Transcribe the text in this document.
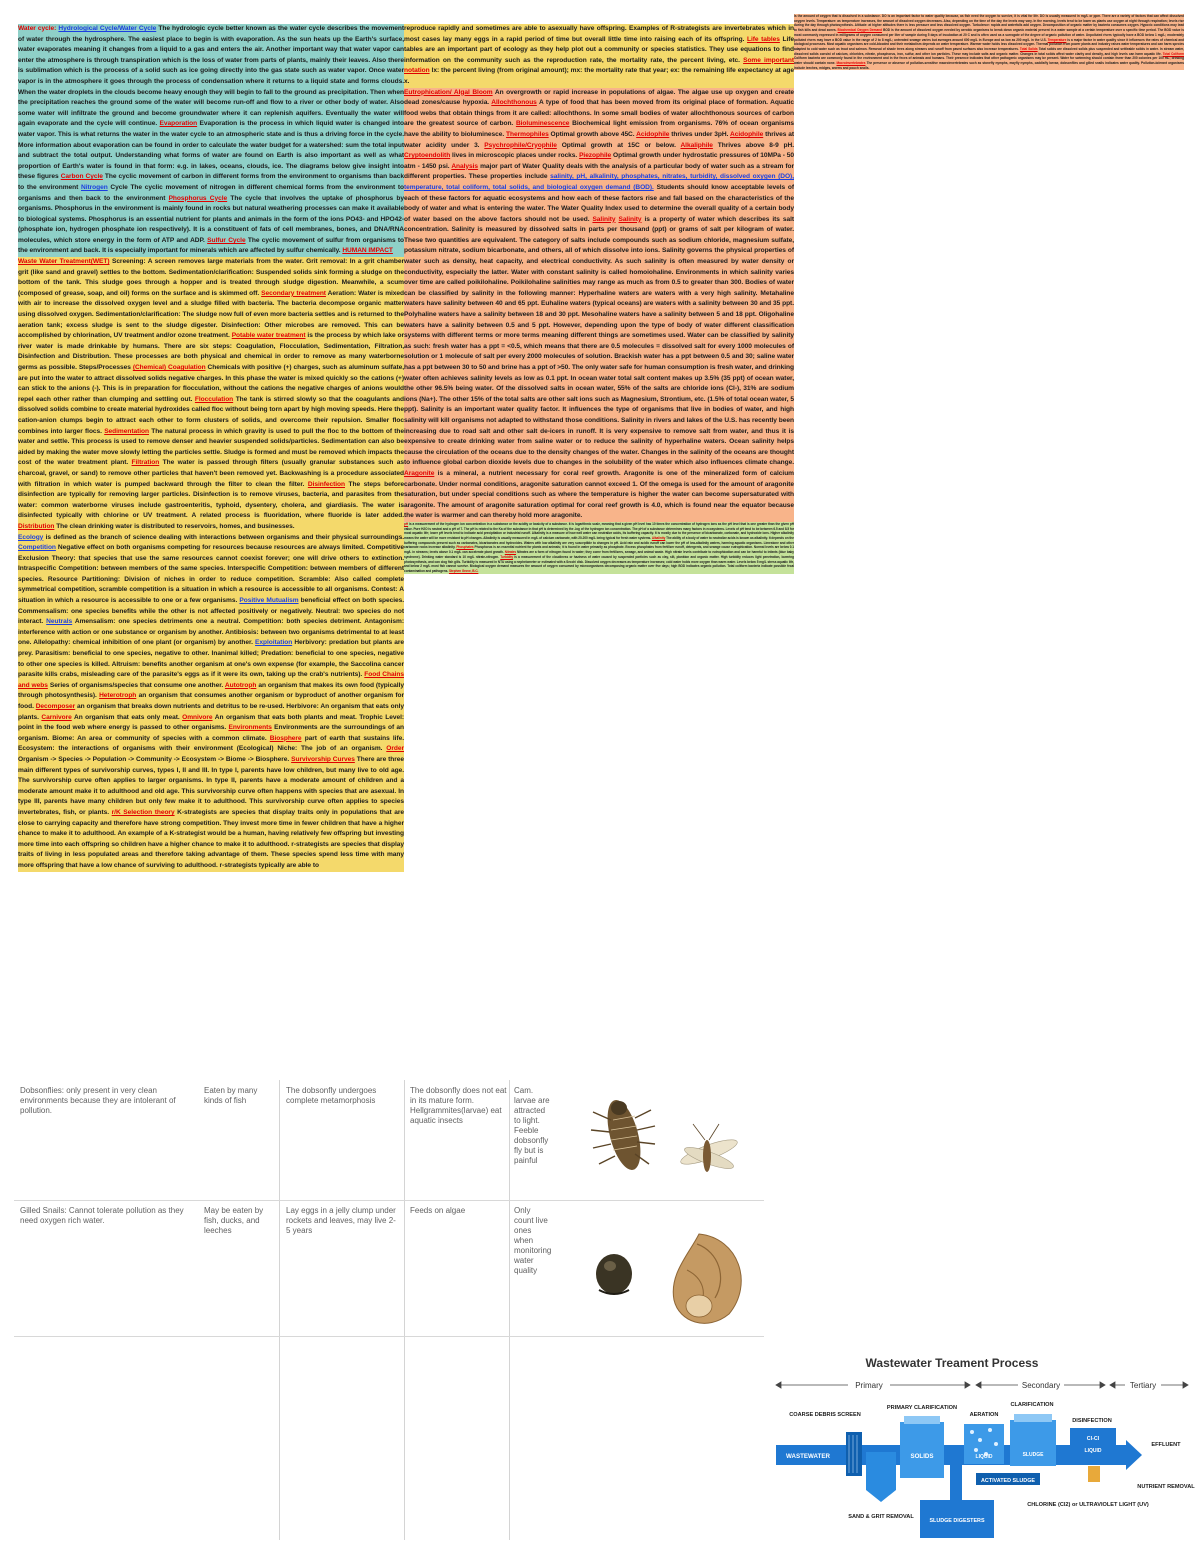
Water cycle: Hydrological Cycle/Water Cycle The hydrologic cycle better known as the water cycle describes the movement of water through the hydrosphere. The easiest place to begin is with evaporation. As the sun heats up the Earth's surface, water evaporates meaning it changes from a liquid to a gas and enters the air. Another important way that water vapor can enter the atmosphere is through transpiration which is the loss of water from parts of plants, mainly their leaves. Also there is sublimation which is the process of a solid such as ice going directly into the gas state such as water vapor. Once water vapor is in the atmosphere it goes through the process of condensation where it returns to a liquid state and forms clouds. When the water droplets in the clouds become heavy enough they will begin to fall to the ground as precipitation. Then when the precipitation reaches the ground some of the water will become run-off and flow to a river or other body of water. Also some water will infiltrate the ground and become groundwater where it can replenish aquifers. Eventually the water will again evaporate and the cycle will continue. Evaporation Evaporation is the process in which liquid water is changed into water vapor. This is what returns the water in the water cycle to an atmospheric state and is thus a driving force in the cycle. More information about evaporation can be found in order to calculate the water budget for a watershed: sum the total input and subtract the total output. Understanding what forms of water are found on Earth is also important as well as what proportion of Earth's water is found in that form: e.g. in lakes, oceans, clouds, ice. The diagrams below give insight into these figures Carbon Cycle The cyclic movement of carbon in different forms from the environment to organisms than back to the environment Nitrogen Cycle The cyclic movement of nitrogen in different chemical forms from the environment to organisms and then back to the environment Phosphorus Cycle The cycle that involves the uptake of phosphorus by organisms. Phosphorus in the environment is mainly found in rocks but natural weathering processes can make it available to biological systems. Phosphorus is an essential nutrient for plants and animals in the form of the ions PO43- and HPO42- (phosphate ion, hydrogen phosphate ion respectively). It is a constituent of fats of cell membranes, bones, and DNA/RNA molecules, which store energy in the form of ATP and ADP. Sulfur Cycle The cyclic movement of sulfur from organisms to the environment and back. It is especially important for minerals which are affected by sulfur chemically. HUMAN IMPACT
Waste Water Treatment(WET) Screening: A screen removes large materials from the water. Grit removal: In a grit chamber grit (like sand and gravel) settles to the bottom. Sedimentation/clarification: Suspended solids sink forming a sludge on the bottom of the tank. This sludge goes through a hopper and is treated through sludge digestion. Meanwhile, a scum (composed of grease, soap, and oil) forms on the surface and is skimmed off. Secondary treatment Aeration: Water is mixed with air to increase the dissolved oxygen level and a sludge filled with bacteria. The bacteria decompose organic matter using dissolved oxygen. Sedimentation/clarification: The sludge now full of even more bacteria settles and is returned to the aeration tank; excess sludge is sent to the sludge digester. Disinfection: Other microbes are removed. This can be accomplished by chlorination, UV treatment and/or ozone treatment. Potable water treatment is the process by which lake or river water is made drinkable by humans. There are six steps: Coagulation, Flocculation, Sedimentation, Filtration, Disinfection and Distribution. These processes are both physical and chemical in order to remove as many waterborne germs as possible. Steps/Processes (Chemical) Coagulation Chemicals with positive (+) charges, such as aluminum sulfate, are put into the water to attract dissolved solids negative charges. In this phase the water is mixed quickly so the cations (+) can stick to the anions (-). This is in preparation for flocculation, without the cations the negative charges of anions would repel each other rather than clumping and settling out. Flocculation The tank is stirred slowly so that the coagulants and dissolved solids combine to create material hydroxides called floc without being torn apart by high moving speeds. Here the cation-anion clumps begin to attract each other to form clusters of solids, and overcome their repulsion. Smaller floc combines into larger flocs. Sedimentation The natural process in which gravity is used to pull the floc to the bottom of the water and settle. This process is used to remove denser and heavier suspended solids/particles. Sedimentation can also be aided by making the water move slowly letting the particles settle. Sludge is formed and must be removed which impacts the cost of the water treatment plant. Filtration The water is passed through filters (usually granular substances such as charcoal, gravel, or sand) to remove other particles that haven't been removed yet. Backwashing is a procedure associated with filtration in which water is pumped backward through the filter to clean the filter. Disinfection The steps before disinfection are typically for removing larger particles. Disinfection is to remove viruses, bacteria, and parasites from the water: common waterborne viruses include gastroenteritis, typhoid, dysentery, cholera, and giardiasis. The water is disinfected typically with chlorine or UV treatment. A related process is fluoridation, where fluoride is later added. Distribution The clean drinking water is distributed to reservoirs, homes, and businesses.
Ecology is defined as the branch of science dealing with interactions between organisms and their physical surroundings. Competition Negative effect on both organisms competing for resources because resources are always limited. Competitive Exclusion Theory: that species that use the same resources cannot coexist forever; one will drive others to extinction. Intraspecific Competition: between members of the same species. Interspecific Competition: between members of different species. Resource Partitioning: Division of niches in order to reduce competition. Scramble: Also called complete symmetrical competition, scramble competition is a situation in which a resource is accessible to all organisms. Contest: A situation in which a resource is accessible to one or a few organisms. Positive Mutualism beneficial effect on both species. Commensalism: one species benefits while the other is not affected positively or negatively. Neutral: two species do not interact. Neutrals Amensalism: one species detriments one a neutral. Competition: both species detriment. Antagonism: interference with action or one substance or organism by another. Antibiosis: between two organisms detrimental to at least one. Allelopathy: chemical inhibition of one plant (or organism) by another. Exploitation Herbivory: predation but plants are prey. Parasitism: beneficial to one species, negative to other. Inanimal killed; Predation: beneficial to one species, negative to other one species is killed. Altruism: benefits another organism at one's own expense (for example, the Saccolina cancer parasite kills crabs, misleading care of the parasite's eggs as if it were its own, taking up the crab's nutrients). Food Chains and webs Series of organisms/species that consume one another. Autotroph an organism that makes its own food (typically through photosynthesis). Heterotroph an organism that consumes another organism or byproduct of another organism for food. Decomposer an organism that breaks down nutrients and detritus to be re-used. Herbivore: An organism that eats only plants. Carnivore An organism that eats only meat. Omnivore An organism that eats both plants and meat. Trophic Level: point in the food web where energy is passed to other organisms. Environments Environments are the surroundings of an organism. Biome: An area or community of species with a common climate. Biosphere part of earth that sustains life. Ecosystem: the interactions of organisms with their environment (Ecological) Niche: The job of an organism. Order Organism -> Species -> Population -> Community -> Ecosystem -> Biome -> Biosphere. Survivorship Curves There are three main different types of survivorship curves, types I, II and III. In type I, parents have low children, but many live to old age. The survivorship curve often applies to larger organisms. In type II, parents have a moderate amount of children and a moderate amount make it to adulthood and old age. This survivorship curve often happens with species that are asexual. In type III, parents have many children but only few make it to adulthood. This survivorship curve often applies to species invertebrates, fish, or plants. r/K Selection theory K-strategists are species that display traits only in populations that are close to carrying capacity and therefore have strong competition. They invest more time in fewer children that have a higher chance to make it to adulthood. An example of a K-strategist would be a human, having relatively few offspring but investing more time into each offspring so children have a higher chance to make it to adulthood. r-strategists are species that display traits of living in less populated areas and therefore taking advantage of them. These species spend less time with many more offspring that have a low chance of surviving to adulthood. r-strategists typically are able to
reproduce rapidly and sometimes are able to asexually have offspring. Examples of R-strategists are invertebrates which in most cases lay many eggs in a rapid period of time but overall little time into raising each of its offspring. Life tables Life tables are an important part of ecology as they help plot out a community or species statistics. They use equations to find information on the community such as the reproduction rate, the mortality rate, the percent living, etc. Some important notation lx: the percent living (from original amount); mx: the mortality rate that year; ex: the remaining life expectancy at age x.
Eutrophication/ Algal Bloom An overgrowth or rapid increase in populations of algae. The algae use up oxygen and create dead zones/cause hypoxia. Allochthonous A type of food that has been moved from its original place of formation. Aquatic food webs that obtain things from it are called: allochthons. In some small bodies of water allochthonous sources of carbon are the greatest source of carbon. Bioluminescence Biochemical light emission from organisms. 76% of ocean organisms have the ability to bioluminesce. Thermophiles Optimal growth above 45C. Acidophile thrives under 3pH. Acidophile thrives at water acidity under 3. Psychrophile/Cryophile Optimal growth at 15C or below. Alkaliphile Thrives above 8-9 pH. Cryptoendolith lives in microscopic places under rocks. Piezophile Optimal growth under hydrostatic pressures of 10MPa - 50 atm - 1450 psi. Analysis major part of Water Quality deals with the analysis of a particular body of water such as a stream for different properties. These properties include salinity, pH, alkalinity, phosphates, nitrates, turbidity, dissolved oxygen (DO), temperature, total coliform, total solids, and biological oxygen demand (BOD). Students should know acceptable levels of each of these factors for aquatic ecosystems and how each of these factors rise and fall based on the characteristics of the body of water and what is entering the water. The Water Quality Index used to determine the overall quality of a certain body of water based on the above factors should not be used. Salinity Salinity is a property of water which describes its salt concentration. Salinity is measured by dissolved salts in parts per thousand (ppt) or grams of salt per kilogram of water. These two quantities are equivalent. The category of salts include compounds such as sodium chloride, magnesium sulfate, potassium nitrate, sodium bicarbonate, and others, all of which dissolve into ions. Salinity governs the physical properties of water such as density, heat capacity, and electrical conductivity. As such salinity is often measured by water density or conductivity, especially the latter. Water with constant salinity is called homoiohaline. Environments in which salinity varies over time are called poikilohaline. Poikilohaline salinities may range as much as from 0.5 to greater than 300. Bodies of water can be classified by salinity in the following manner: Hyperhaline waters are waters with a very high salinity. Metahaline waters have salinity between 40 and 65 ppt. Euhaline waters (typical oceans) are waters with a salinity between 30 and 35 ppt. Polyhaline waters have a salinity between 18 and 30 ppt. Mesohaline waters have a salinity between 5 and 18 ppt. Oligohaline waters have a salinity between 0.5 and 5 ppt. However, depending upon the type of body of water different classification systems with different terms or more terms meaning different things are sometimes used. Water can be classified by salinity as such: fresh water has a ppt = <0.5, which means that there are 0.5 molecules = dissolved salt for every 1000 molecules of solution or 1 molecule of salt per every 2000 molecules of solution. Brackish water has a ppt between 0.5 and 30; saline water has a ppt between 30 to 50 and brine has a ppt of >50. The only water safe for human consumption is fresh water, and drinking water often achieves salinity levels as low as 0.1 ppt. In ocean water total salt content makes up 3.5% (35 ppt) of ocean water, the other 96.5% being water. Of the dissolved salts in ocean water, 55% of the salts are chloride ions (Cl-), 31% are sodium ions (Na+). The other 15% of the total salts are other salt ions such as Magnesium, Strontium, etc. (1.5% of total ocean water, 5 ppt). Salinity is an important water quality factor. It influences the type of organisms that live in bodies of water, and high salinity will kill organisms not adapted to withstand those conditions. Salinity in rivers and lakes of the U.S. has recently been increasing due to road salt and other salt de-icers in runoff. It is very expensive to remove salt from water, and thus it is expensive to create drinking water from saline water or to reduce the salinity of hyperhaline waters. Ocean salinity helps cause the circulation of the oceans due to the density changes of the water. Changes in the salinity of the oceans are thought to influence global carbon dioxide levels due to changes in the solubility of the water which also influences climate change. Aragonite is a mineral, a nutrient necessary for coral reef growth. Aragonite is one of the mineralized form of calcium carbonate. Under normal conditions, aragonite saturation cannot exceed 1. Of the omega is used for the amount of aragonite saturation, but under special conditions such as where the temperature is higher the water can become supersaturated with aragonite. The amount of aragonite saturation optimal for coral reef growth is 4.0, which is found near the equator because the water is warmer and can thereby hold more aragonite.
pH is a measurement of the hydrogen ion concentration in a substance or the acidity or basicity of a substance. It is logarithmic scale, meaning that a given pH level has 10 times the concentration of hydrogen ions as the pH level that is one greater than the given pH value. Pure H2O is neutral and a pH of 7. The pH is related to the Ka of the substance in that pH is determined by the -log of the hydrogen ion concentration. The pH of a substance determines many factors in ecosystems. Levels of pH tend to be between 6.5 and 8.5 for most aquatic life; lower pH levels tend to indicate acid precipitation or industrial runoff. Alkalinity is a measure of how well water can neutralize acids, its buffering capacity. It is mostly due to the presence of bicarbonate, carbonate, and hydroxide ions. Higher alkalinity means the water will be more resistant to pH changes. Alkalinity is usually measured in mg/L of calcium carbonate, with 20-200 mg/L being typical for fresh water systems. Alkalinity The ability of a body of water to neutralize acids is known as alkalinity. It depends on the buffering compounds present such as carbonates, bicarbonates and hydroxides. Waters with low alkalinity are very susceptible to changes in pH. Acid rain and acidic runoff can lower the pH of low-alkalinity waters, harming aquatic organisms. Limestone and other carbonate rocks increase alkalinity. Phosphates Phosphorus is an essential nutrient for plants and animals; it is found in water primarily as phosphate. Excess phosphates from fertilizer runoff, detergents, and sewage cause eutrophication. Normal levels are below 0.1 mg/L in streams; levels above 0.1 mg/L can accelerate plant growth. Nitrates Nitrates are a form of nitrogen found in water; they come from fertilizers, sewage, and animal waste. High nitrate levels contribute to eutrophication and can be harmful to infants (blue baby syndrome). Drinking water standard is 10 mg/L nitrate-nitrogen. Turbidity is a measurement of the cloudiness or haziness of water caused by suspended particles such as clay, silt, plankton and organic matter. High turbidity reduces light penetration, lowering photosynthesis, and can clog fish gills. Turbidity is measured in NTU using a nephelometer or estimated with a Secchi disk. Dissolved oxygen decreases as temperature increases; cold water holds more oxygen than warm water. Levels below 5 mg/L stress aquatic life, and below 2 mg/L most fish cannot survive. Biological oxygen demand measures the amount of oxygen consumed by microorganisms decomposing organic matter over five days; high BOD indicates organic pollution. Total coliform bacteria indicate possible fecal contamination and pathogens. Stephen Grove, B.C.
Is the amount of oxygen that is dissolved in a substance. DO is an important factor to water quality because, as fish need the oxygen to survive, it is vital for life. DO is usually measured in mg/L or ppm. There are a variety of factors that can affect dissolved oxygen levels. Temperature: as temperature increases, the amount of dissolved oxygen decreases. Also, depending on the time of the day the levels may vary. In the morning, levels tend to be lower as plants use oxygen at night through respiration; levels rise during the day through photosynthesis. Altitude: at higher altitudes there is less pressure and less dissolved oxygen. Turbulence: rapids and waterfalls add oxygen. Decomposition of organic matter by bacteria consumes oxygen. Hypoxic conditions may lead to fish kills and dead zones. Biochemical Oxygen Demand BOD is the amount of dissolved oxygen needed by aerobic organisms to break down organic material present in a water sample at a certain temperature over a specific time period. The BOD value is most commonly expressed in milligrams of oxygen consumed per liter of sample during 5 days of incubation at 20 C and is often used as a surrogate of the degree of organic pollution of water. Unpolluted rivers typically have a BOD below 1 mg/L; moderately polluted rivers may have a BOD value in the range of 2 to 8 mg/L; untreated sewage varies but averages around 600 mg/L in Europe and as low as 200 mg/L in the U.S. Temperature is a major factor in water quality since it influences the rates of chemical and biological processes. Most aquatic organisms are cold-blooded and their metabolism depends on water temperature. Warmer water holds less dissolved oxygen. Thermal pollution from power plants and industry raises water temperatures and can harm species adapted to cold water such as trout and salmon. Removal of shade trees along streams and runoff from paved surfaces also increase temperatures. Total Solids Total solids are dissolved solids plus suspended and settleable solids in water. In stream water, dissolved solids consist of calcium, chlorides, nitrate, phosphorus, iron, sulfur, and other ion particles. These may include salts and organic matter. Changes in total solids affect water clarity and density, and high levels can harm aquatic life. Total Coliform Coliform bacteria are commonly found in the environment and in the feces of animals and humans. Their presence indicates that other pathogenic organisms may be present. Water for swimming should contain fewer than 200 colonies per 100 mL; drinking water should contain none. Macroinvertebrates The presence or absence of pollution-sensitive macroinvertebrates such as stonefly nymphs, mayfly nymphs, caddisfly larvae, dobsonflies and gilled snails indicates water quality. Pollution-tolerant organisms include leeches, midges, worms and pouch snails.
Dobsonflies: only present in very clean environments because they are intolerant of pollution.
Eaten by many kinds of fish
The dobsonfly undergoes complete metamorphosis
The dobsonfly does not eat in its mature form. Hellgrammites(larvae) eat aquatic insects
Cam. larvae are attracted to light. Feeble dobsonfly fly but is painful
Gilled Snails: Cannot tolerate pollution as they need oxygen rich water.
May be eaten by fish, ducks, and leeches
Lay eggs in a jelly clump under rockets and leaves, may live 2-5 years
Feeds on algae	Only count live ones when monitoring water quality
Wastewater Treament Process
Primary	Secondary	Tertiary
COARSE DEBRIS SCREEN
PRIMARY CLARIFICATION
AERATION
CLARIFICATION
DISINFECTION
EFFLUENT
NUTRIENT REMOVAL
SAND & GRIT REMOVAL
CHLORINE (Cl2) or ULTRAVIOLET LIGHT (UV)
WASTEWATER	SOLIDS	LIQUID	SLUDGE
LIQUID
Cl-Cl
ACTIVATED SLUDGE
SLUDGE DIGESTERS
